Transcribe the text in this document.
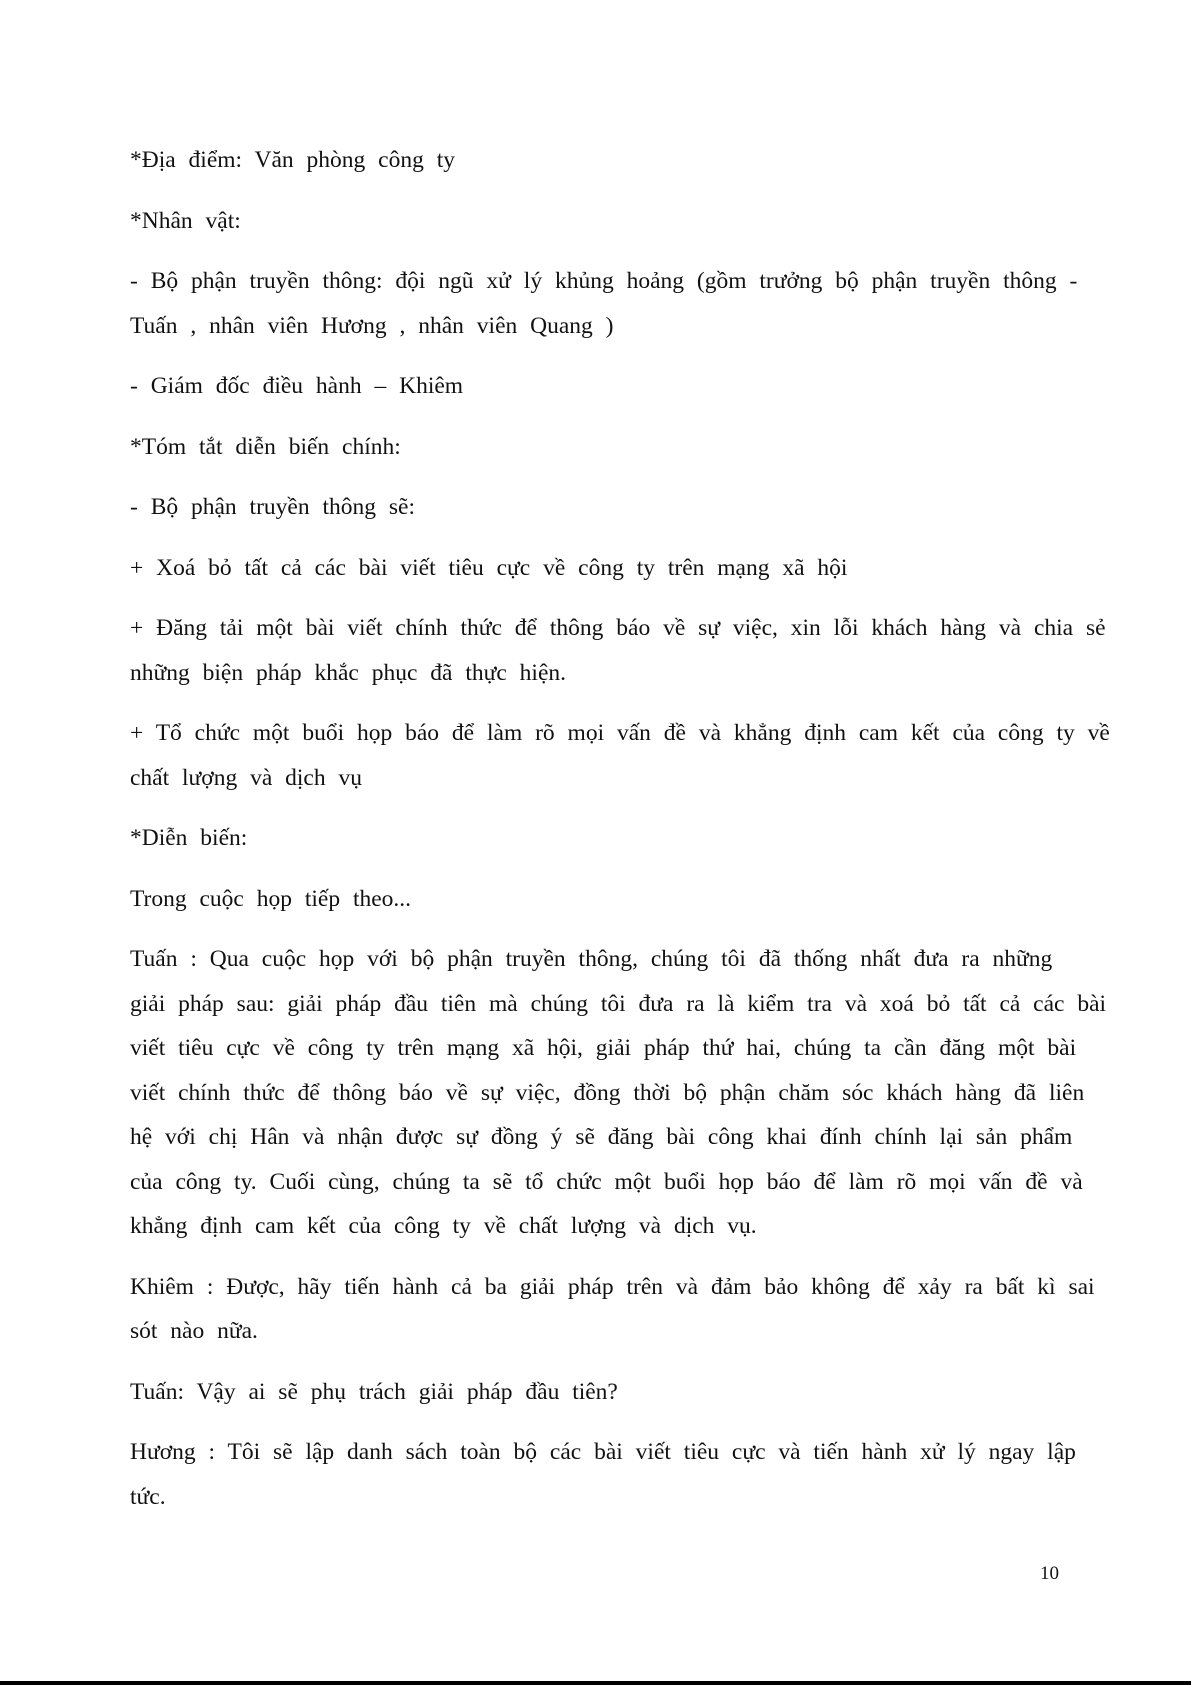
*Địa điểm: Văn phòng công ty

*Nhân vật:

- Bộ phận truyền thông: đội ngũ xử lý khủng hoảng (gồm trưởng bộ phận truyền thông -
Tuấn , nhân viên Hương , nhân viên Quang )

- Giám đốc điều hành – Khiêm

*Tóm tắt diễn biến chính:

- Bộ phận truyền thông sẽ:

+ Xoá bỏ tất cả các bài viết tiêu cực về công ty trên mạng xã hội

+ Đăng tải một bài viết chính thức để thông báo về sự việc, xin lỗi khách hàng và chia sẻ
những biện pháp khắc phục đã thực hiện.

+ Tổ chức một buổi họp báo để làm rõ mọi vấn đề và khẳng định cam kết của công ty về
chất lượng và dịch vụ

*Diễn biến:

Trong cuộc họp tiếp theo...

Tuấn : Qua cuộc họp với bộ phận truyền thông, chúng tôi đã thống nhất đưa ra những
giải pháp sau: giải pháp đầu tiên mà chúng tôi đưa ra là kiểm tra và xoá bỏ tất cả các bài
viết tiêu cực về công ty trên mạng xã hội, giải pháp thứ hai, chúng ta cần đăng một bài
viết chính thức để thông báo về sự việc, đồng thời bộ phận chăm sóc khách hàng đã liên
hệ với chị Hân và nhận được sự đồng ý sẽ đăng bài công khai đính chính lại sản phẩm
của công ty. Cuối cùng, chúng ta sẽ tổ chức một buổi họp báo để làm rõ mọi vấn đề và
khẳng định cam kết của công ty về chất lượng và dịch vụ.

Khiêm : Được, hãy tiến hành cả ba giải pháp trên và đảm bảo không để xảy ra bất kì sai
sót nào nữa.

Tuấn: Vậy ai sẽ phụ trách giải pháp đầu tiên?

Hương : Tôi sẽ lập danh sách toàn bộ các bài viết tiêu cực và tiến hành xử lý ngay lập
tức.

10
